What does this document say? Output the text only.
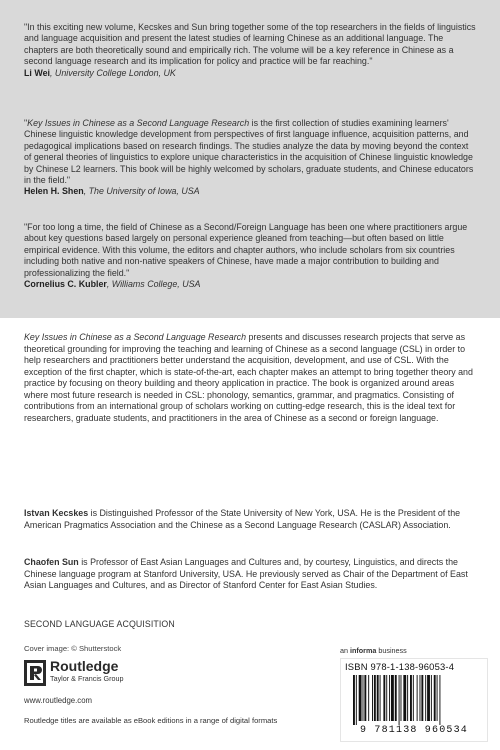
"In this exciting new volume, Kecskes and Sun bring together some of the top researchers in the fields of linguistics and language acquisition and present the latest studies of learning Chinese as an additional language. The chapters are both theoretically sound and empirically rich. The volume will be a key reference in Chinese as a second language research and its implication for policy and practice will be far reaching."

Li Wei, University College London, UK

"Key Issues in Chinese as a Second Language Research is the first collection of studies examining learners' Chinese linguistic knowledge development from perspectives of first language influence, acquisition patterns, and pedagogical implications based on research findings. The studies analyze the data by moving beyond the context of general theories of linguistics to explore unique characteristics in the acquisition of Chinese linguistic knowledge by Chinese L2 learners. This book will be highly welcomed by scholars, graduate students, and Chinese educators in the field."

Helen H. Shen, The University of Iowa, USA

"For too long a time, the field of Chinese as a Second/Foreign Language has been one where practitioners argue about key questions based largely on personal experience gleaned from teaching—but often based on little empirical evidence. With this volume, the editors and chapter authors, who include scholars from six countries including both native and non-native speakers of Chinese, have made a major contribution to building and professionalizing the field."

Cornelius C. Kubler, Williams College, USA

Key Issues in Chinese as a Second Language Research presents and discusses research projects that serve as theoretical grounding for improving the teaching and learning of Chinese as a second language (CSL) in order to help researchers and practitioners better understand the acquisition, development, and use of CSL. With the exception of the first chapter, which is state-of-the-art, each chapter makes an attempt to bring together theory and practice by focusing on theory building and theory application in practice. The book is organized around areas where most future research is needed in CSL: phonology, semantics, grammar, and pragmatics. Consisting of contributions from an international group of scholars working on cutting-edge research, this is the ideal text for researchers, graduate students, and practitioners in the area of Chinese as a second or foreign language.

Istvan Kecskes is Distinguished Professor of the State University of New York, USA. He is the President of the American Pragmatics Association and the Chinese as a Second Language Research (CASLAR) Association.

Chaofen Sun is Professor of East Asian Languages and Cultures and, by courtesy, Linguistics, and directs the Chinese language program at Stanford University, USA. He previously served as Chair of the Department of East Asian Languages and Cultures, and as Director of Stanford Center for East Asian Studies.

SECOND LANGUAGE ACQUISITION
Cover image: © Shutterstock
Routledge
Taylor & Francis Group
www.routledge.com
Routledge titles are available as eBook editions in a range of digital formats
an informa business
ISBN 978-1-138-96053-4
9 781138 960534
